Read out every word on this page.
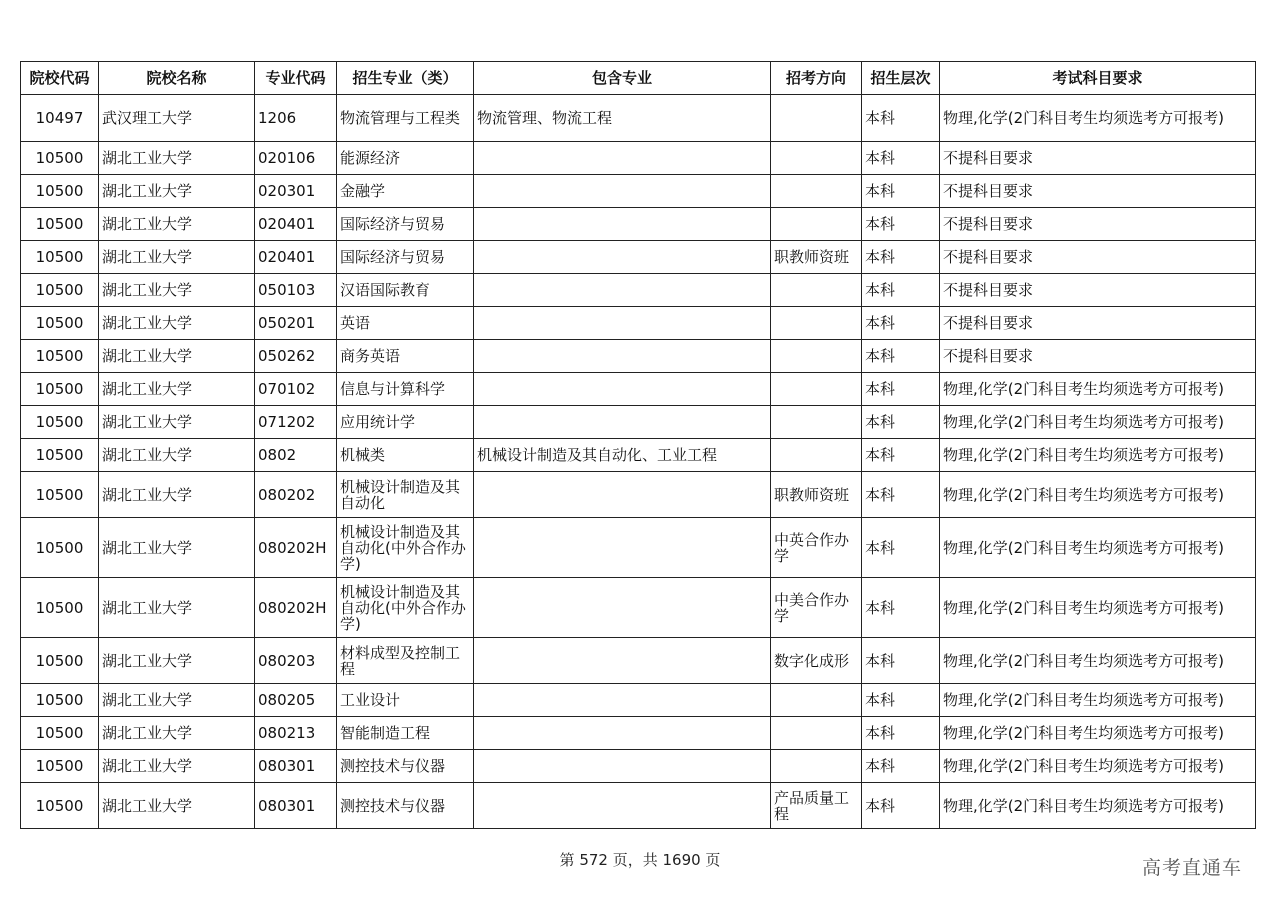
院校代码	院校名称	专业代码	招生专业（类）	包含专业	招考方向	招生层次	考试科目要求
10497	武汉理工大学	1206	物流管理与工程类	物流管理、物流工程		本科	物理,化学(2门科目考生均须选考方可报考)
10500	湖北工业大学	020106	能源经济			本科	不提科目要求
10500	湖北工业大学	020301	金融学			本科	不提科目要求
10500	湖北工业大学	020401	国际经济与贸易			本科	不提科目要求
10500	湖北工业大学	020401	国际经济与贸易		职教师资班	本科	不提科目要求
10500	湖北工业大学	050103	汉语国际教育			本科	不提科目要求
10500	湖北工业大学	050201	英语			本科	不提科目要求
10500	湖北工业大学	050262	商务英语			本科	不提科目要求
10500	湖北工业大学	070102	信息与计算科学			本科	物理,化学(2门科目考生均须选考方可报考)
10500	湖北工业大学	071202	应用统计学			本科	物理,化学(2门科目考生均须选考方可报考)
10500	湖北工业大学	0802	机械类	机械设计制造及其自动化、工业工程		本科	物理,化学(2门科目考生均须选考方可报考)
10500	湖北工业大学	080202	机械设计制造及其自动化		职教师资班	本科	物理,化学(2门科目考生均须选考方可报考)
10500	湖北工业大学	080202H	机械设计制造及其自动化(中外合作办学)		中英合作办学	本科	物理,化学(2门科目考生均须选考方可报考)
10500	湖北工业大学	080202H	机械设计制造及其自动化(中外合作办学)		中美合作办学	本科	物理,化学(2门科目考生均须选考方可报考)
10500	湖北工业大学	080203	材料成型及控制工程		数字化成形	本科	物理,化学(2门科目考生均须选考方可报考)
10500	湖北工业大学	080205	工业设计			本科	物理,化学(2门科目考生均须选考方可报考)
10500	湖北工业大学	080213	智能制造工程			本科	物理,化学(2门科目考生均须选考方可报考)
10500	湖北工业大学	080301	测控技术与仪器			本科	物理,化学(2门科目考生均须选考方可报考)
10500	湖北工业大学	080301	测控技术与仪器		产品质量工程	本科	物理,化学(2门科目考生均须选考方可报考)
第 572 页，共 1690 页	高考直通车
